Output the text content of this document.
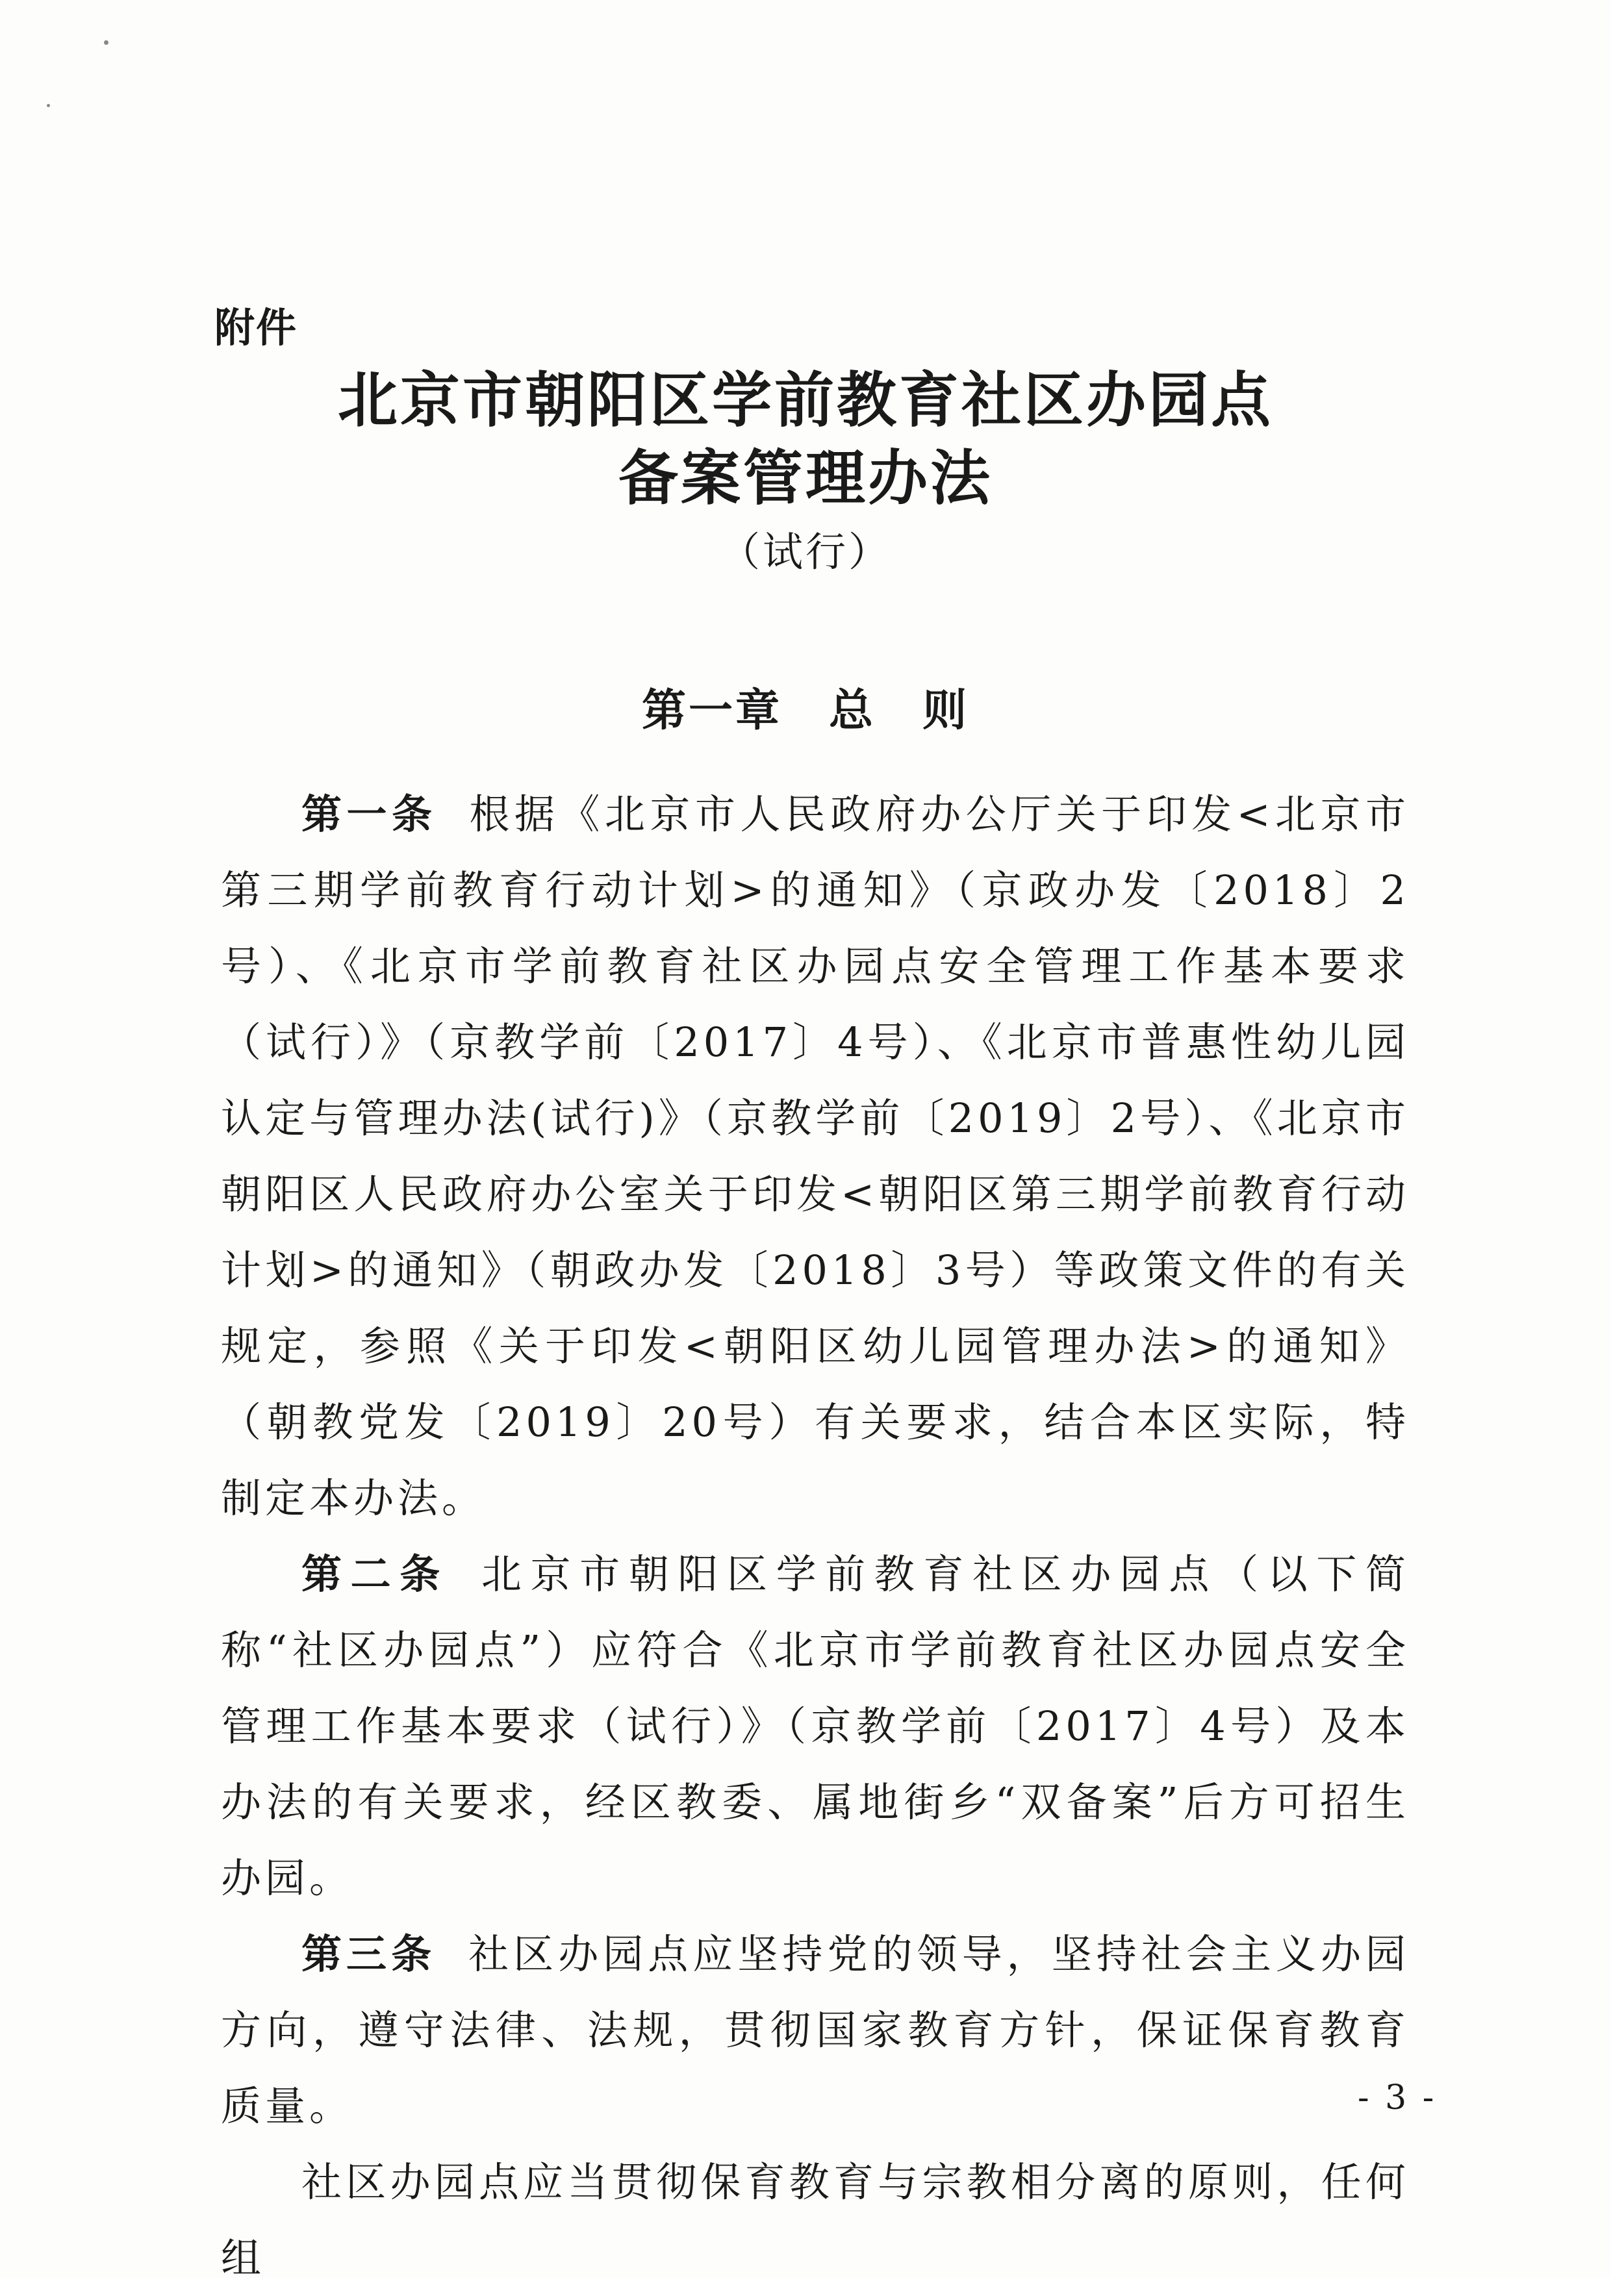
附件
北京市朝阳区学前教育社区办园点
备案管理办法
（试行）
第一章　总　则

第一条 根据《北京市人民政府办公厅关于印发<北京市第三期学前教育行动计划>的通知》（京政办发〔2018〕2号）、《北京市学前教育社区办园点安全管理工作基本要求（试行）》（京教学前〔2017〕4号）、《北京市普惠性幼儿园认定与管理办法(试行)》（京教学前〔2019〕2号）、《北京市朝阳区人民政府办公室关于印发<朝阳区第三期学前教育行动计划>的通知》（朝政办发〔2018〕3号）等政策文件的有关规定，参照《关于印发<朝阳区幼儿园管理办法>的通知》（朝教党发〔2019〕20号）有关要求，结合本区实际，特制定本办法。

第二条 北京市朝阳区学前教育社区办园点（以下简称“社区办园点”）应符合《北京市学前教育社区办园点安全管理工作基本要求（试行）》（京教学前〔2017〕4号）及本办法的有关要求，经区教委、属地街乡“双备案”后方可招生办园。

第三条 社区办园点应坚持党的领导，坚持社会主义办园方向，遵守法律、法规，贯彻国家教育方针，保证保育教育质量。

社区办园点应当贯彻保育教育与宗教相分离的原则，任何组

- 3 -
